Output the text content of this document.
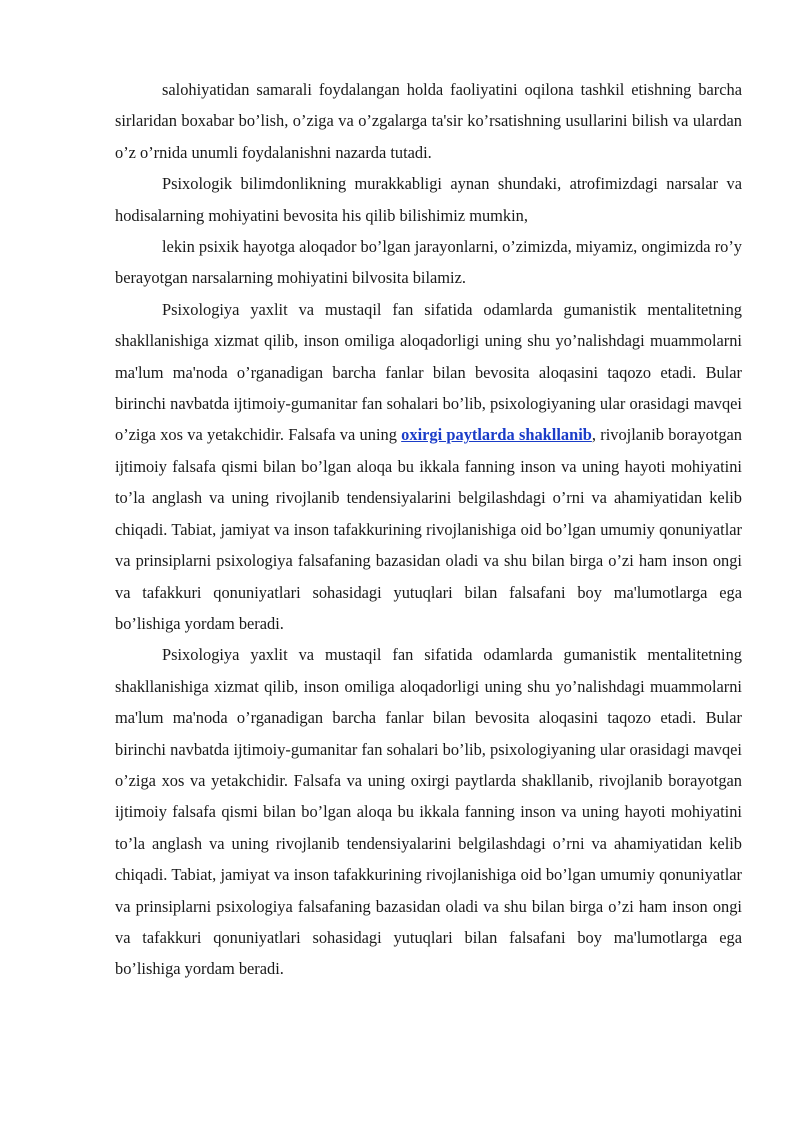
salohiyatidan samarali foydalangan holda faoliyatini oqilona tashkil etishning barcha sirlaridan boxabar bo’lish, o’ziga va o’zgalarga ta'sir ko’rsatishning usullarini bilish va ulardan o’z o’rnida unumli foydalanishni nazarda tutadi.

Psixologik bilimdonlikning murakkabligi aynan shundaki, atrofimizdagi narsalar va hodisalarning mohiyatini bevosita his qilib bilishimiz mumkin,

lekin psixik hayotga aloqador bo’lgan jarayonlarni, o’zimizda, miyamiz, ongimizda ro’y berayotgan narsalarning mohiyatini bilvosita bilamiz.

Psixologiya yaxlit va mustaqil fan sifatida odamlarda gumanistik mentalitetning shakllanishiga xizmat qilib, inson omiliga aloqadorligi uning shu yo’nalishdagi muammolarni ma'lum ma'noda o’rganadigan barcha fanlar bilan bevosita aloqasini taqozo etadi. Bular birinchi navbatda ijtimoiy-gumanitar fan sohalari bo’lib, psixologiyaning ular orasidagi mavqei o’ziga xos va yetakchidir. Falsafa va uning oxirgi paytlarda shakllanib, rivojlanib borayotgan ijtimoiy falsafa qismi bilan bo’lgan aloqa bu ikkala fanning inson va uning hayoti mohiyatini to’la anglash va uning rivojlanib tendensiyalarini belgilashdagi o’rni va ahamiyatidan kelib chiqadi. Tabiat, jamiyat va inson tafakkurining rivojlanishiga oid bo’lgan umumiy qonuniyatlar va prinsiplarni psixologiya falsafaning bazasidan oladi va shu bilan birga o’zi ham inson ongi va tafakkuri qonuniyatlari sohasidagi yutuqlari bilan falsafani boy ma'lumotlarga ega bo’lishiga yordam beradi.

Psixologiya yaxlit va mustaqil fan sifatida odamlarda gumanistik mentalitetning shakllanishiga xizmat qilib, inson omiliga aloqadorligi uning shu yo’nalishdagi muammolarni ma'lum ma'noda o’rganadigan barcha fanlar bilan bevosita aloqasini taqozo etadi. Bular birinchi navbatda ijtimoiy-gumanitar fan sohalari bo’lib, psixologiyaning ular orasidagi mavqei o’ziga xos va yetakchidir. Falsafa va uning oxirgi paytlarda shakllanib, rivojlanib borayotgan ijtimoiy falsafa qismi bilan bo’lgan aloqa bu ikkala fanning inson va uning hayoti mohiyatini to’la anglash va uning rivojlanib tendensiyalarini belgilashdagi o’rni va ahamiyatidan kelib chiqadi. Tabiat, jamiyat va inson tafakkurining rivojlanishiga oid bo’lgan umumiy qonuniyatlar va prinsiplarni psixologiya falsafaning bazasidan oladi va shu bilan birga o’zi ham inson ongi va tafakkuri qonuniyatlari sohasidagi yutuqlari bilan falsafani boy ma'lumotlarga ega bo’lishiga yordam beradi.
